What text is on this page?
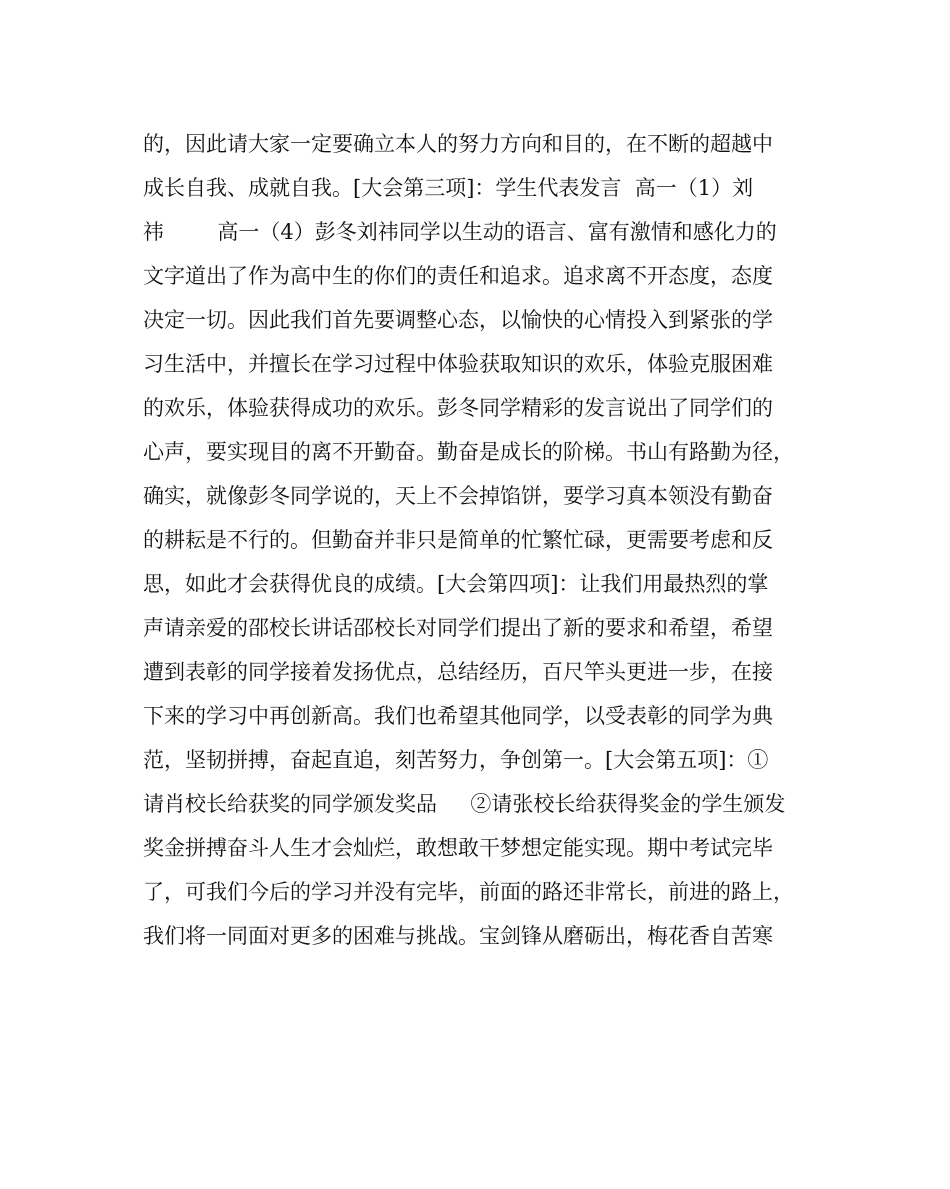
的，因此请大家一定要确立本人的努力方向和目的，在不断的超越中
成长自我、成就自我。[大会第三项]：学生代表发言  高一（1）刘
祎        高一（4）彭冬刘祎同学以生动的语言、富有激情和感化力的
文字道出了作为高中生的你们的责任和追求。追求离不开态度，态度
决定一切。因此我们首先要调整心态，以愉快的心情投入到紧张的学
习生活中，并擅长在学习过程中体验获取知识的欢乐，体验克服困难
的欢乐，体验获得成功的欢乐。彭冬同学精彩的发言说出了同学们的
心声，要实现目的离不开勤奋。勤奋是成长的阶梯。书山有路勤为径，
确实，就像彭冬同学说的，天上不会掉馅饼，要学习真本领没有勤奋
的耕耘是不行的。但勤奋并非只是简单的忙繁忙碌，更需要考虑和反
思，如此才会获得优良的成绩。[大会第四项]：让我们用最热烈的掌
声请亲爱的邵校长讲话邵校长对同学们提出了新的要求和希望，希望
遭到表彰的同学接着发扬优点，总结经历，百尺竿头更进一步，在接
下来的学习中再创新高。我们也希望其他同学，以受表彰的同学为典
范，坚韧拼搏，奋起直追，刻苦努力，争创第一。[大会第五项]：①
请肖校长给获奖的同学颁发奖品     ②请张校长给获得奖金的学生颁发
奖金拼搏奋斗人生才会灿烂，敢想敢干梦想定能实现。期中考试完毕
了，可我们今后的学习并没有完毕，前面的路还非常长，前进的路上，
我们将一同面对更多的困难与挑战。宝剑锋从磨砺出，梅花香自苦寒
